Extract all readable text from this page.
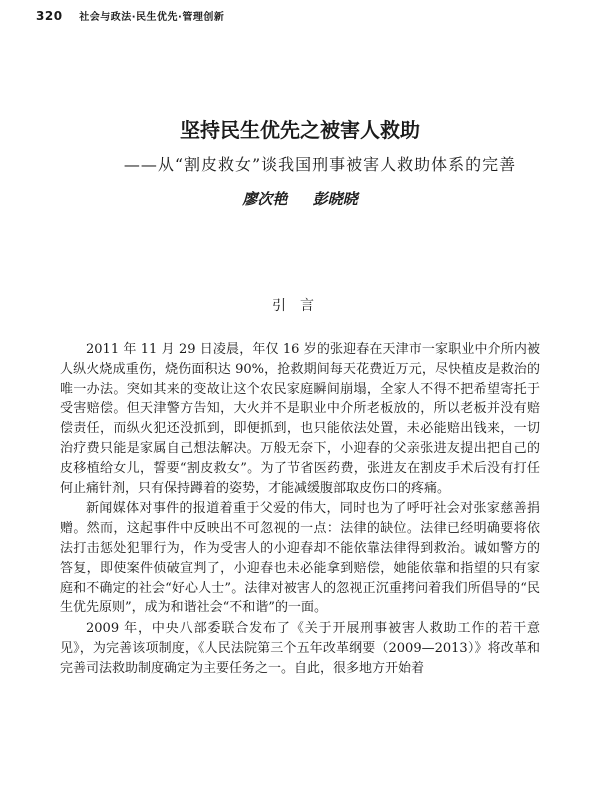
320 社会与政法·民生优先·管理创新
坚持民生优先之被害人救助
——从“割皮救女”谈我国刑事被害人救助体系的完善
廖次艳 彭晓晓
引言

2011 年 11 月 29 日凌晨，年仅 16 岁的张迎春在天津市一家职业中介所内被人纵火烧成重伤，烧伤面积达 90%，抢救期间每天花费近万元，尽快植皮是救治的唯一办法。突如其来的变故让这个农民家庭瞬间崩塌，全家人不得不把希望寄托于受害赔偿。但天津警方告知，大火并不是职业中介所老板放的，所以老板并没有赔偿责任，而纵火犯还没抓到，即便抓到，也只能依法处置，未必能赔出钱来，一切治疗费只能是家属自己想法解决。万般无奈下，小迎春的父亲张进友提出把自己的皮移植给女儿，誓要“割皮救女”。为了节省医药费，张进友在割皮手术后没有打任何止痛针剂，只有保持蹲着的姿势，才能减缓腹部取皮伤口的疼痛。

新闻媒体对事件的报道着重于父爱的伟大，同时也为了呼吁社会对张家慈善捐赠。然而，这起事件中反映出不可忽视的一点：法律的缺位。法律已经明确要将依法打击惩处犯罪行为，作为受害人的小迎春却不能依靠法律得到救治。诚如警方的答复，即使案件侦破宣判了，小迎春也未必能拿到赔偿，她能依靠和指望的只有家庭和不确定的社会“好心人士”。法律对被害人的忽视正沉重拷问着我们所倡导的“民生优先原则”，成为和谐社会“不和谐”的一面。

2009 年，中央八部委联合发布了《关于开展刑事被害人救助工作的若干意见》，为完善该项制度，《人民法院第三个五年改革纲要（2009—2013）》将改革和完善司法救助制度确定为主要任务之一。自此，很多地方开始着
